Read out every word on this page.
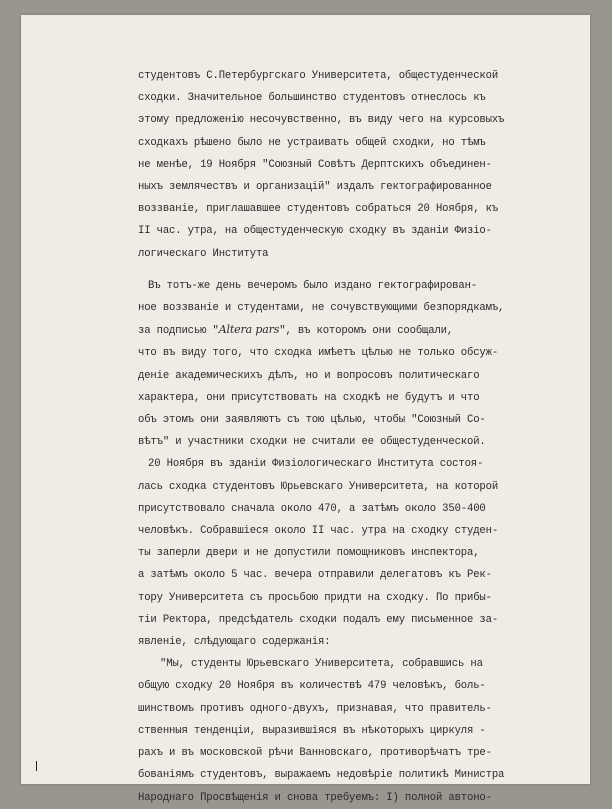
студентовъ С.Петербургскаго Университета, общестуденческой
сходки. Значительное большинство студентовъ отнеслось къ
этому предложенію несочувственно, въ виду чего на курсовыхъ
сходкахъ рѣшено было не устраивать общей сходки, но тѣмъ
не менѣе, 19 Ноября "Союзный Совѣтъ Дерптскихъ объединен-
ныхъ землячествъ и организацій" издалъ гектографированное
воззваніе, приглашавшее студентовъ собраться 20 Ноября, къ
II час. утра, на общестуденческую сходку въ зданіи Физіо-
логическаго Института
Въ тотъ-же день вечеромъ было издано гектографирован-
ное воззваніе и студентами, не сочувствующими безпорядкамъ,
за подписью "Altera pars", въ которомъ они сообщали,
что въ виду того, что сходка имѣетъ цѣлью не только обсуж-
деніе академическихъ дѣлъ, но и вопросовъ политическаго
характера, они присутствовать на сходкѣ не будутъ и что
объ этомъ они заявляютъ съ тою цѣлью, чтобы "Союзный Со-
вѣтъ" и участники сходки не считали ее общестуденческой.
20 Ноября въ зданіи Физіологическаго Института состоя-
лась сходка студентовъ Юрьевскаго Университета, на которой
присутствовало сначала около 470, а затѣмъ около 350-400
человѣкъ. Собравшіеся около II час. утра на сходку студен-
ты заперли двери и не допустили помощниковъ инспектора,
а затѣмъ около 5 час. вечера отправили делегатовъ къ Рек-
тору Университета съ просьбою придти на сходку. По прибы-
тіи Ректора, предсѣдатель сходки подалъ ему письменное за-
явленіе, слѣдующаго содержанія:
"Мы, студенты Юрьевскаго Университета, собравшись на
общую сходку 20 Ноября въ количествѣ 479 человѣкъ, боль-
шинствомъ противъ одного-двухъ, признавая, что правитель-
ственныя тенденціи, выразившіяся въ нѣкоторыхъ циркуля -
рахъ и въ московской рѣчи Ванновскаго, противорѣчатъ тре-
бованіямъ студентовъ, выражаемъ недовѣріе политикѣ Министра
Народнаго Просвѣщенія и снова требуемъ: I) полной автоно-
